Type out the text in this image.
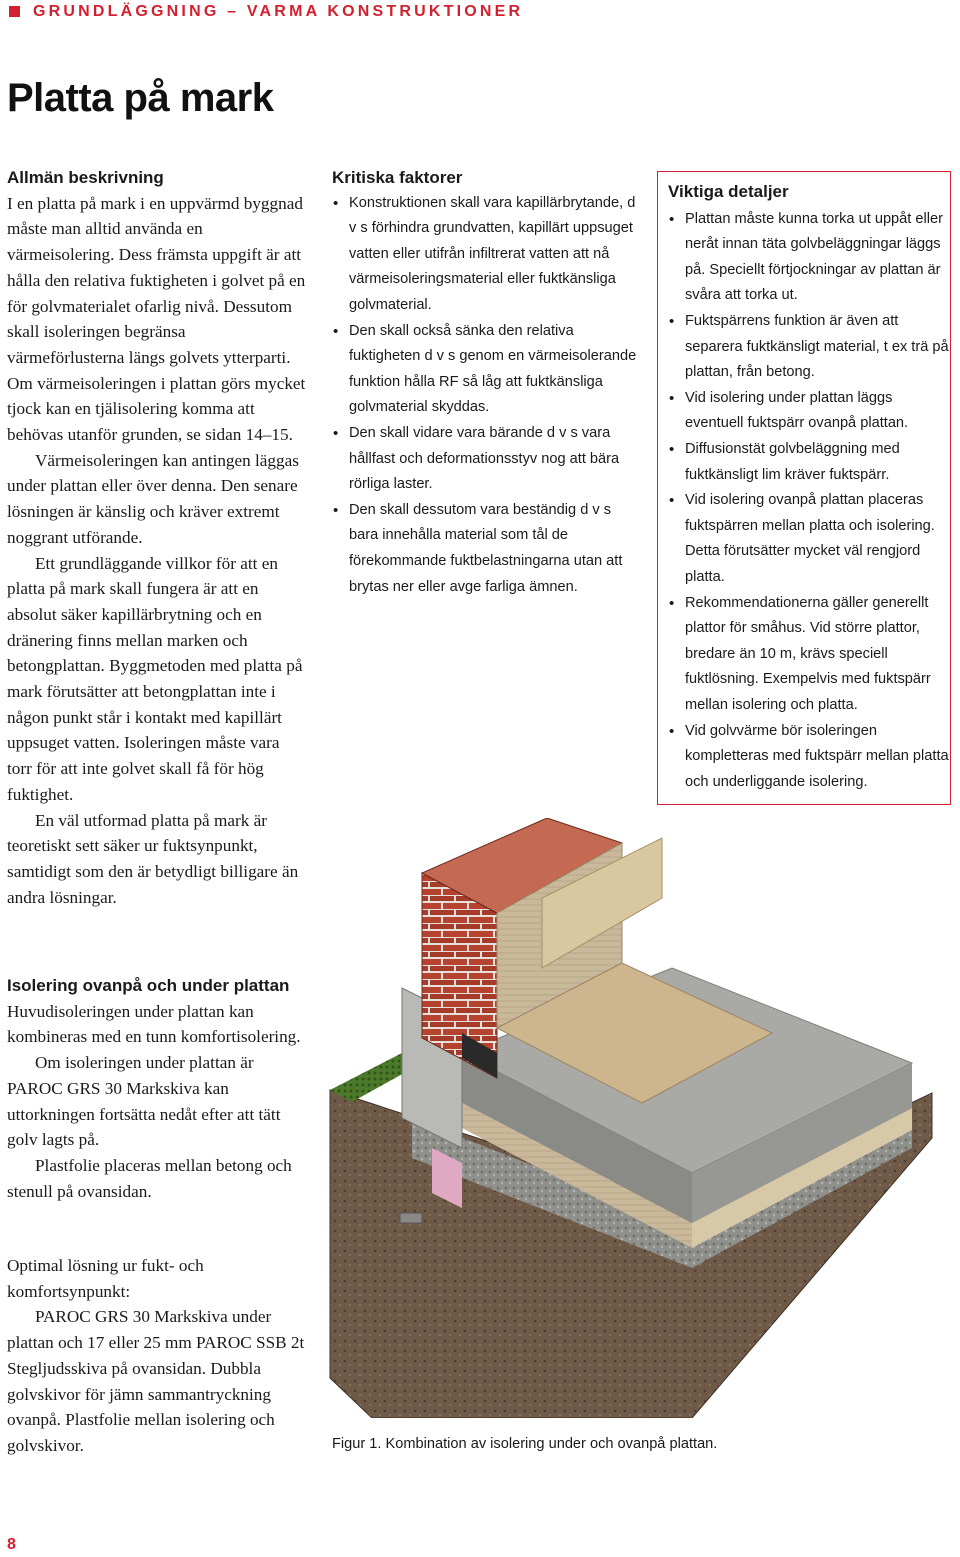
GRUNDLÄGGNING – VARMA KONSTRUKTIONER
Platta på mark

Allmän beskrivning

I en platta på mark i en uppvärmd byggnad måste man alltid använda en värmeisolering. Dess främsta uppgift är att hålla den relativa fuktigheten i golvet på en för golvmaterialet ofarlig nivå. Dessutom skall isoleringen begränsa värmeförlusterna längs golvets ytterparti. Om värmeisoleringen i plattan görs mycket tjock kan en tjälisolering komma att behövas utanför grunden, se sidan 14–15.

Värmeisoleringen kan antingen läggas under plattan eller över denna. Den senare lösningen är känslig och kräver extremt noggrant utförande.

Ett grundläggande villkor för att en platta på mark skall fungera är att en absolut säker kapillärbrytning och en dränering finns mellan marken och betongplattan. Byggmetoden med platta på mark förutsätter att betongplattan inte i någon punkt står i kontakt med kapillärt uppsuget vatten. Isoleringen måste vara torr för att inte golvet skall få för hög fuktighet.

En väl utformad platta på mark är teoretiskt sett säker ur fuktsynpunkt, samtidigt som den är betydligt billigare än andra lösningar.

Isolering ovanpå och under plattan

Huvudisoleringen under plattan kan kombineras med en tunn komfortisolering.

Om isoleringen under plattan är PAROC GRS 30 Markskiva kan uttorkningen fortsätta nedåt efter att tätt golv lagts på.

Plastfolie placeras mellan betong och stenull på ovansidan.

Optimal lösning ur fukt- och komfortsynpunkt:

PAROC GRS 30 Markskiva under plattan och 17 eller 25 mm PAROC SSB 2t Stegljudsskiva på ovansidan. Dubbla golvskivor för jämn sammantryckning ovanpå. Plastfolie mellan isolering och golvskivor.

Kritiska faktorer

• Konstruktionen skall vara kapillärbrytande, d v s förhindra grundvatten, kapillärt uppsuget vatten eller utifrån infiltrerat vatten att nå värmeisoleringsmaterial eller fuktkänsliga golvmaterial.
• Den skall också sänka den relativa fuktigheten d v s genom en värmeisolerande funktion hålla RF så låg att fuktkänsliga golvmaterial skyddas.
• Den skall vidare vara bärande d v s vara hållfast och deformationsstyv nog att bära rörliga laster.
• Den skall dessutom vara beständig d v s bara innehålla material som tål de förekommande fuktbelastningarna utan att brytas ner eller avge farliga ämnen.

Viktiga detaljer

• Plattan måste kunna torka ut uppåt eller neråt innan täta golvbeläggningar läggs på. Speciellt förtjockningar av plattan är svåra att torka ut.
• Fuktspärrens funktion är även att separera fuktkänsligt material, t ex trä på plattan, från betong.
• Vid isolering under plattan läggs eventuell fuktspärr ovanpå plattan.
• Diffusionstät golvbeläggning med fuktkänsligt lim kräver fuktspärr.
• Vid isolering ovanpå plattan placeras fuktspärren mellan platta och isolering. Detta förutsätter mycket väl rengjord platta.
• Rekommendationerna gäller generellt plattor för småhus. Vid större plattor, bredare än 10 m, krävs speciell fuktlösning. Exempelvis med fuktspärr mellan isolering och platta.
• Vid golvvärme bör isoleringen kompletteras med fuktspärr mellan platta och underliggande isolering.

Figur 1. Kombination av isolering under och ovanpå plattan.

8
